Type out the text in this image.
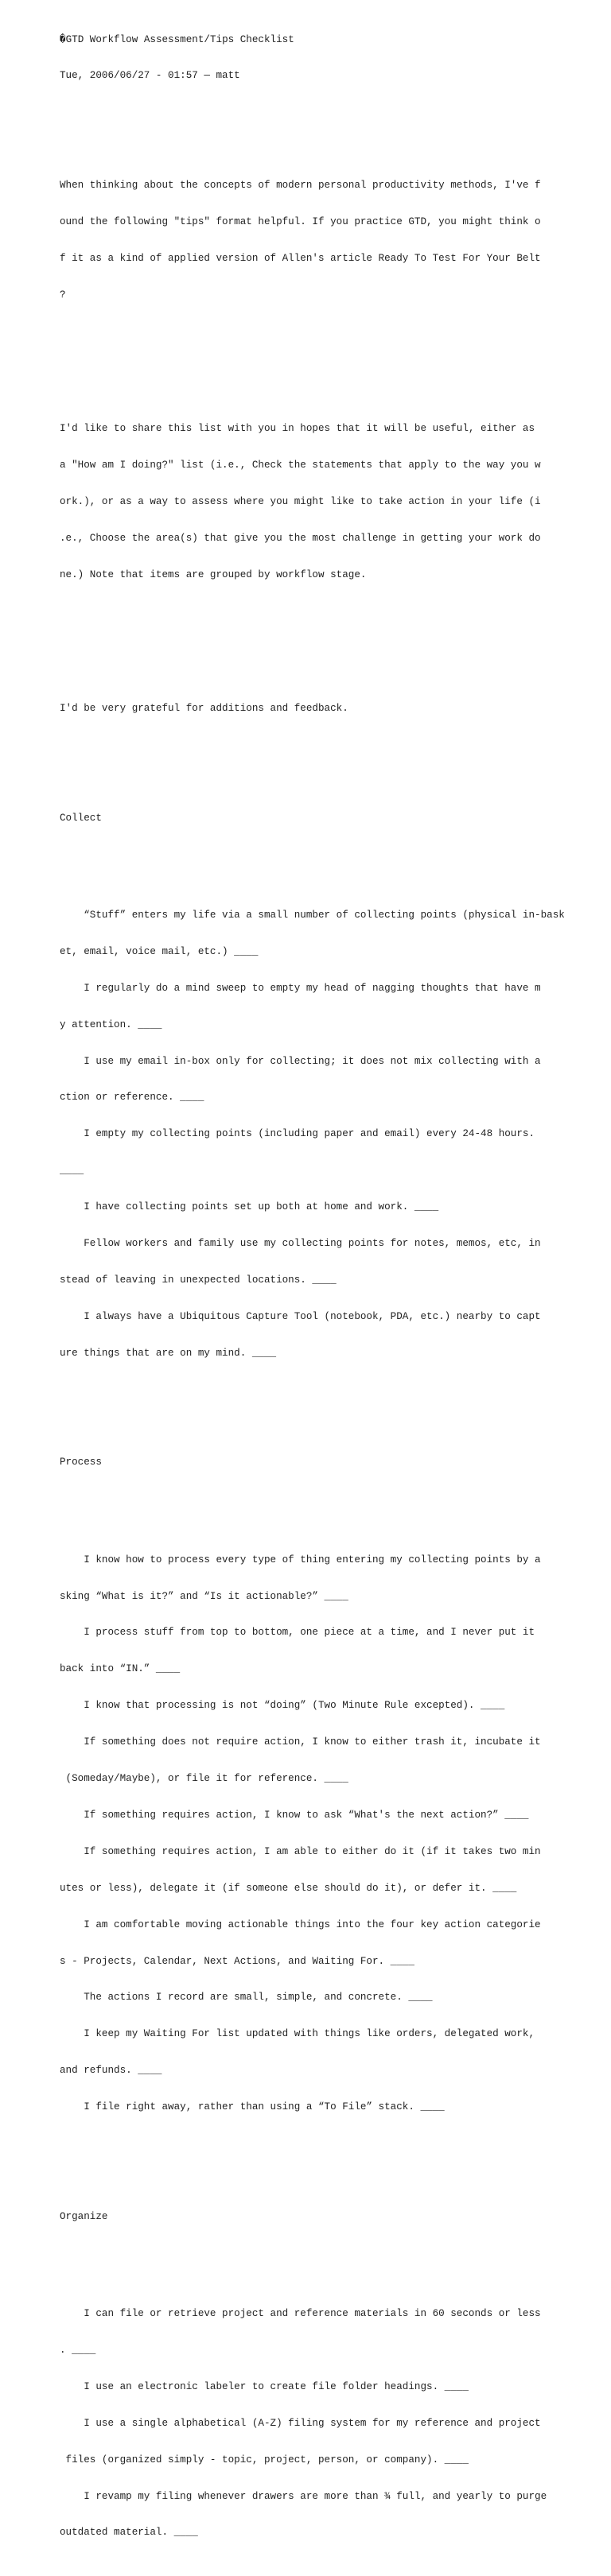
�GTD Workflow Assessment/Tips Checklist

Tue, 2006/06/27 - 01:57 — matt

When thinking about the concepts of modern personal productivity methods, I've f

ound the following "tips" format helpful. If you practice GTD, you might think o

f it as a kind of applied version of Allen's article Ready To Test For Your Belt

?

I'd like to share this list with you in hopes that it will be useful, either as

a "How am I doing?" list (i.e., Check the statements that apply to the way you w

ork.), or as a way to assess where you might like to take action in your life (i

.e., Choose the area(s) that give you the most challenge in getting your work do

ne.) Note that items are grouped by workflow stage.

I'd be very grateful for additions and feedback.

Collect

“Stuff” enters my life via a small number of collecting points (physical in-bask

et, email, voice mail, etc.) ____

I regularly do a mind sweep to empty my head of nagging thoughts that have m

y attention. ____

I use my email in-box only for collecting; it does not mix collecting with a

ction or reference. ____

I empty my collecting points (including paper and email) every 24-48 hours.

____

I have collecting points set up both at home and work. ____

Fellow workers and family use my collecting points for notes, memos, etc, in

stead of leaving in unexpected locations. ____

I always have a Ubiquitous Capture Tool (notebook, PDA, etc.) nearby to capt

ure things that are on my mind. ____

Process

I know how to process every type of thing entering my collecting points by a

sking “What is it?” and “Is it actionable?” ____

I process stuff from top to bottom, one piece at a time, and I never put it

back into “IN.” ____

I know that processing is not “doing” (Two Minute Rule excepted). ____

If something does not require action, I know to either trash it, incubate it

(Someday/Maybe), or file it for reference. ____

If something requires action, I know to ask “What's the next action?” ____

If something requires action, I am able to either do it (if it takes two min

utes or less), delegate it (if someone else should do it), or defer it. ____

I am comfortable moving actionable things into the four key action categorie

s - Projects, Calendar, Next Actions, and Waiting For. ____

The actions I record are small, simple, and concrete. ____

I keep my Waiting For list updated with things like orders, delegated work,

and refunds. ____

I file right away, rather than using a “To File” stack. ____

Organize

I can file or retrieve project and reference materials in 60 seconds or less

. ____

I use an electronic labeler to create file folder headings. ____

I use a single alphabetical (A-Z) filing system for my reference and project

files (organized simply - topic, project, person, or company). ____

I revamp my filing whenever drawers are more than ¾ full, and yearly to purge

outdated material. ____
